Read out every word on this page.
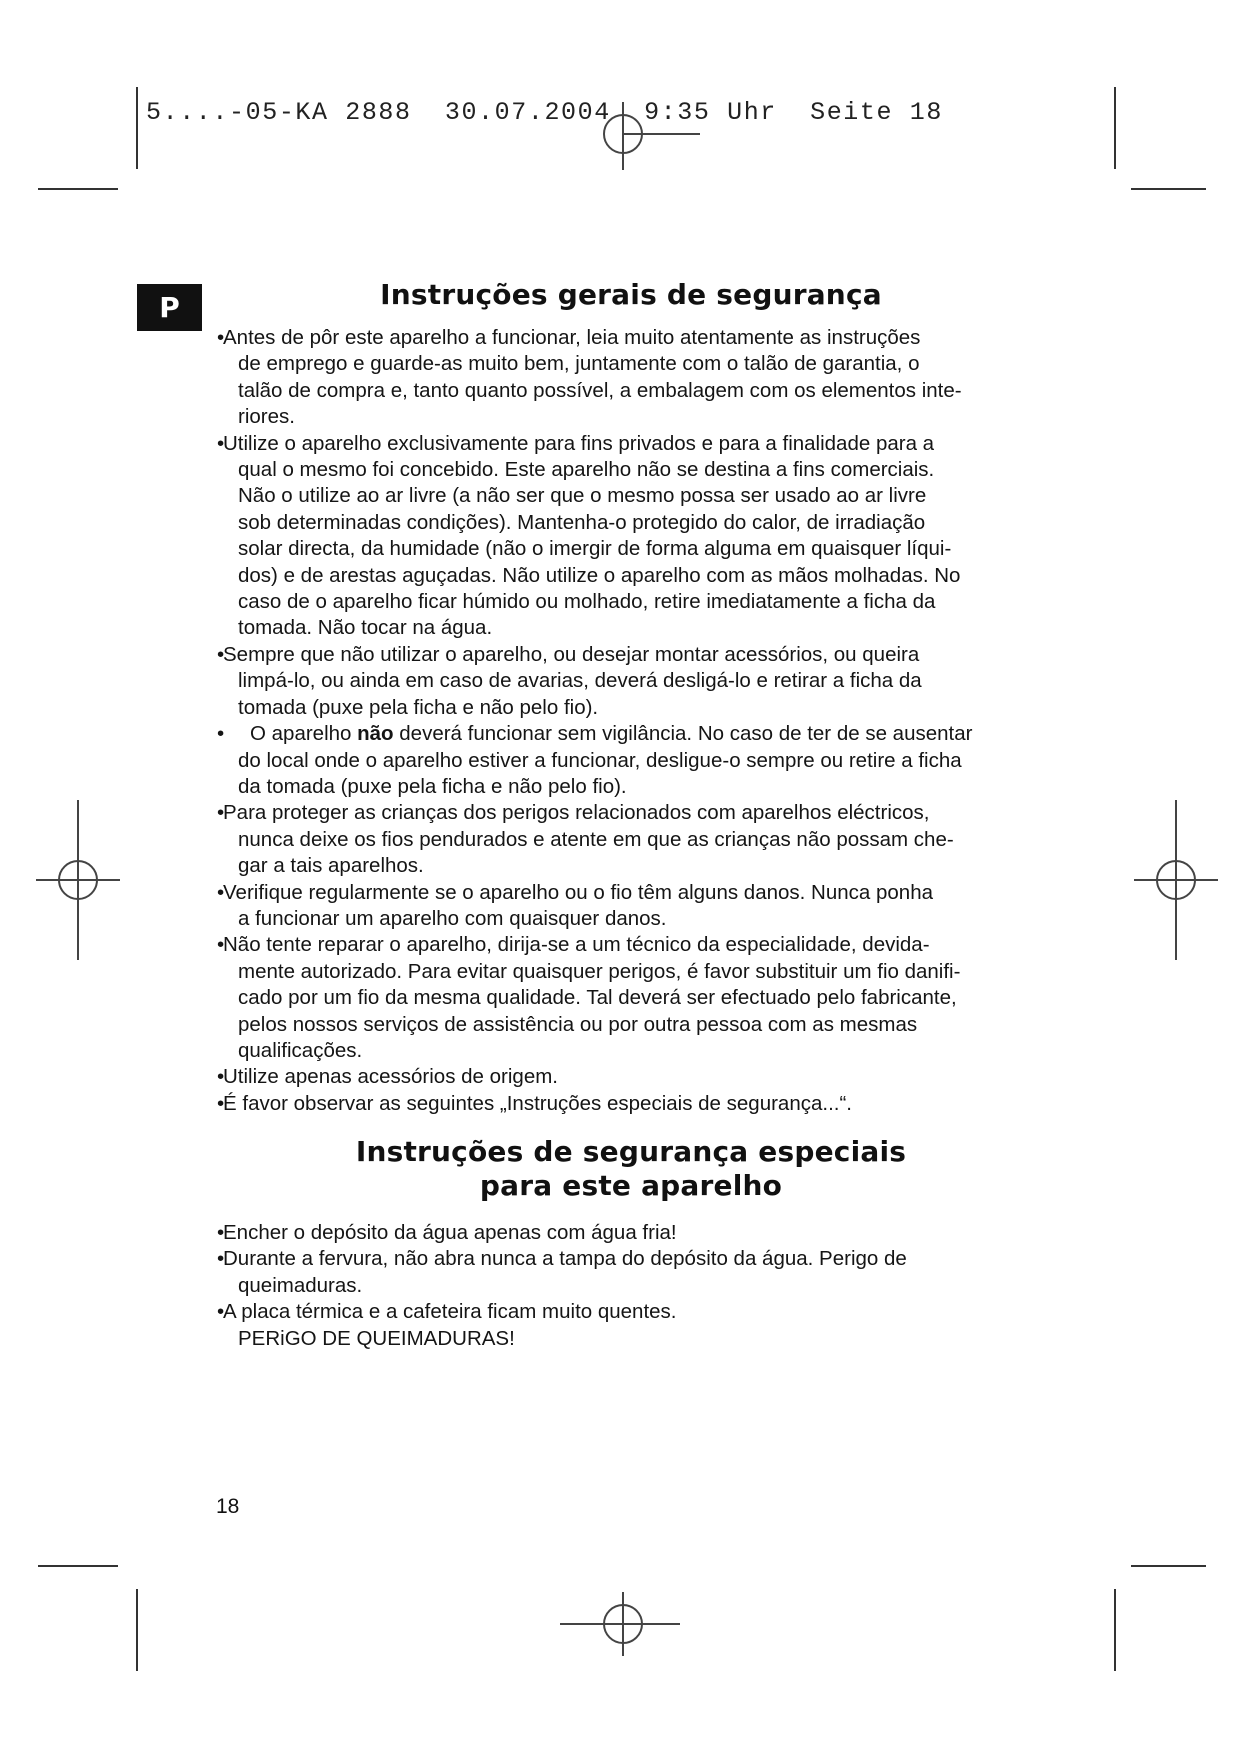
5....-05-KA 2888  30.07.2004  9:35 Uhr  Seite 18
P	Instruções gerais de segurança
•
Antes de pôr este aparelho a funcionar, leia muito atentamente as instruções
de emprego e guarde-as muito bem, juntamente com o talão de garantia, o
talão de compra e, tanto quanto possível, a embalagem com os elementos inte-
riores.
•
Utilize o aparelho exclusivamente para fins privados e para a finalidade para a
qual o mesmo foi concebido. Este aparelho não se destina a fins comerciais.
Não o utilize ao ar livre (a não ser que o mesmo possa ser usado ao ar livre
sob determinadas condições). Mantenha-o protegido do calor, de irradiação
solar directa, da humidade (não o imergir de forma alguma em quaisquer líqui-
dos) e de arestas aguçadas. Não utilize o aparelho com as mãos molhadas. No
caso de o aparelho ficar húmido ou molhado, retire imediatamente a ficha da
tomada. Não tocar na água.
•
Sempre que não utilizar o aparelho, ou desejar montar acessórios, ou queira
limpá-lo, ou ainda em caso de avarias, deverá desligá-lo e retirar a ficha da
tomada (puxe pela ficha e não pelo fio).
• O aparelho não deverá funcionar sem vigilância. No caso de ter de se ausentar
do local onde o aparelho estiver a funcionar, desligue-o sempre ou retire a ficha
da tomada (puxe pela ficha e não pelo fio).
•
Para proteger as crianças dos perigos relacionados com aparelhos eléctricos,
nunca deixe os fios pendurados e atente em que as crianças não possam che-
gar a tais aparelhos.
•
Verifique regularmente se o aparelho ou o fio têm alguns danos. Nunca ponha
a funcionar um aparelho com quaisquer danos.
•
Não tente reparar o aparelho, dirija-se a um técnico da especialidade, devida-
mente autorizado. Para evitar quaisquer perigos, é favor substituir um fio danifi-
cado por um fio da mesma qualidade. Tal deverá ser efectuado pelo fabricante,
pelos nossos serviços de assistência ou por outra pessoa com as mesmas
qualificações.
•
Utilize apenas acessórios de origem.
•
É favor observar as seguintes „Instruções especiais de segurança...“.
Instruções de segurança especiais
para este aparelho
•
Encher o depósito da água apenas com água fria!
•
Durante a fervura, não abra nunca a tampa do depósito da água. Perigo de
queimaduras.
•
A placa térmica e a cafeteira ficam muito quentes.
PERiGO DE QUEIMADURAS!
18
